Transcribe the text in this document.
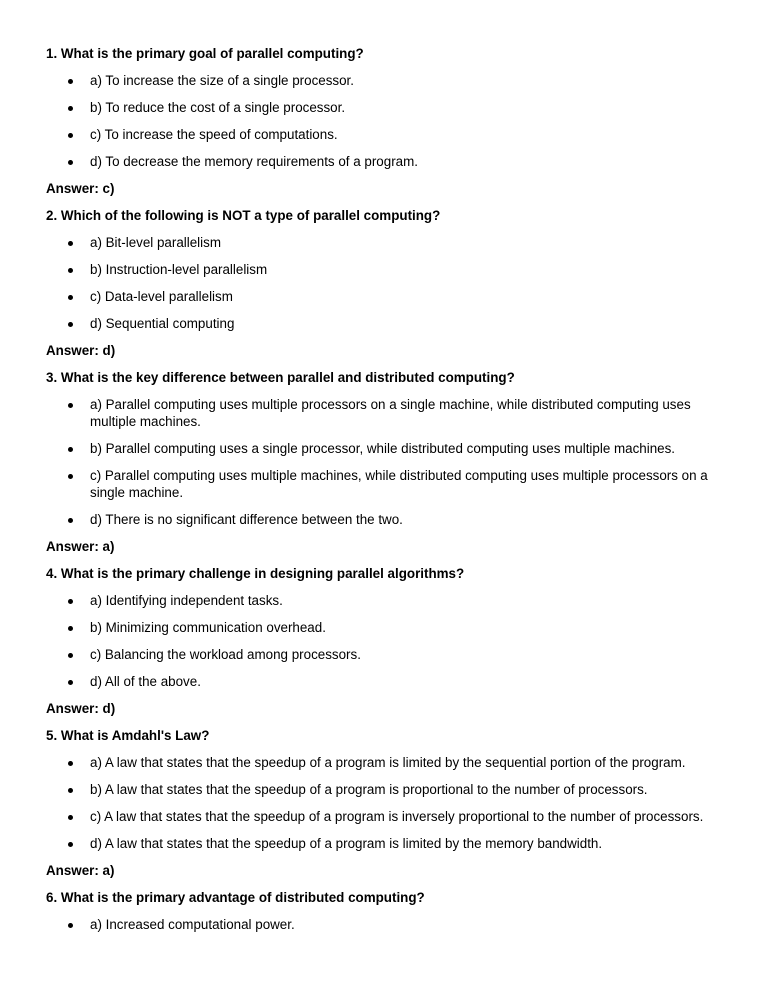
1. What is the primary goal of parallel computing?
a) To increase the size of a single processor.
b) To reduce the cost of a single processor.
c) To increase the speed of computations.
d) To decrease the memory requirements of a program.
Answer: c)
2. Which of the following is NOT a type of parallel computing?
a) Bit-level parallelism
b) Instruction-level parallelism
c) Data-level parallelism
d) Sequential computing
Answer: d)
3. What is the key difference between parallel and distributed computing?
a) Parallel computing uses multiple processors on a single machine, while distributed computing uses multiple machines.
b) Parallel computing uses a single processor, while distributed computing uses multiple machines.
c) Parallel computing uses multiple machines, while distributed computing uses multiple processors on a single machine.
d) There is no significant difference between the two.
Answer: a)
4. What is the primary challenge in designing parallel algorithms?
a) Identifying independent tasks.
b) Minimizing communication overhead.
c) Balancing the workload among processors.
d) All of the above.
Answer: d)
5. What is Amdahl's Law?
a) A law that states that the speedup of a program is limited by the sequential portion of the program.
b) A law that states that the speedup of a program is proportional to the number of processors.
c) A law that states that the speedup of a program is inversely proportional to the number of processors.
d) A law that states that the speedup of a program is limited by the memory bandwidth.
Answer: a)
6. What is the primary advantage of distributed computing?
a) Increased computational power.
